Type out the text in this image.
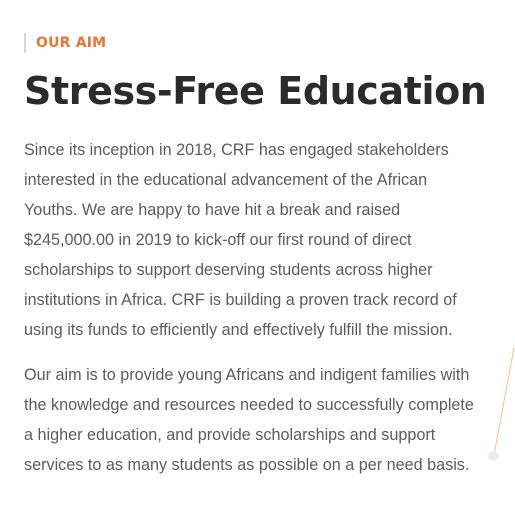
OUR AIM
Stress-Free Education

Since its inception in 2018, CRF has engaged stakeholders
interested in the educational advancement of the African
Youths. We are happy to have hit a break and raised
$245,000.00 in 2019 to kick-off our first round of direct
scholarships to support deserving students across higher
institutions in Africa. CRF is building a proven track record of
using its funds to efficiently and effectively fulfill the mission.

Our aim is to provide young Africans and indigent families with
the knowledge and resources needed to successfully complete
a higher education, and provide scholarships and support
services to as many students as possible on a per need basis.
